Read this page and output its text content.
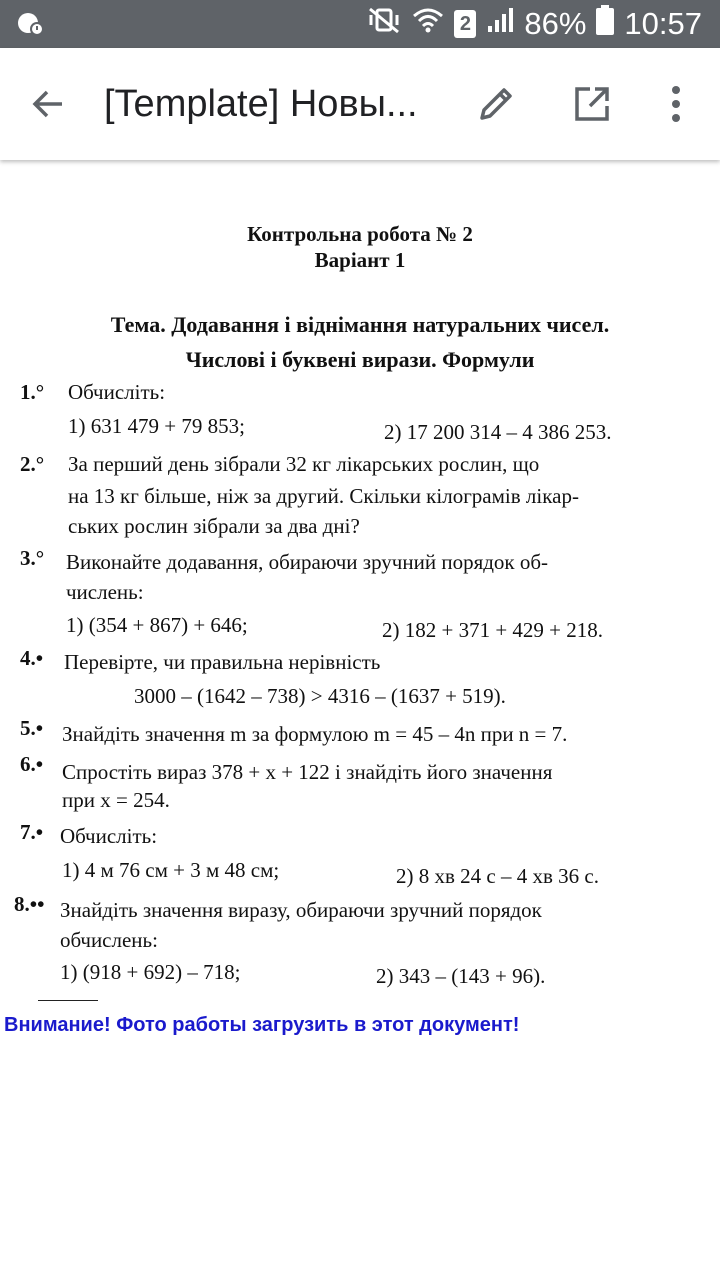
2 86% 10:57
[Template] Новы...
Контрольна робота № 2
Варіант 1
Тема. Додавання і віднімання натуральних чисел.
Числові і буквені вирази. Формули
1.° Обчисліть:
1) 631 479 + 79 853;	2) 17 200 314 – 4 386 253.
2.° За перший день зібрали 32 кг лікарських рослин, що
на 13 кг більше, ніж за другий. Скільки кілограмів лікар-
ських рослин зібрали за два дні?
3.° Виконайте додавання, обираючи зручний порядок об-
числень:
1) (354 + 867) + 646;	2) 182 + 371 + 429 + 218.
4.• Перевірте, чи правильна нерівність
3000 – (1642 – 738) > 4316 – (1637 + 519).
5.• Знайдіть значення m за формулою m = 45 – 4n при n = 7.
6.• Спростіть вираз 378 + x + 122 і знайдіть його значення
при x = 254.
7.• Обчисліть:
1) 4 м 76 см + 3 м 48 см;	2) 8 хв 24 с – 4 хв 36 с.
8.•• Знайдіть значення виразу, обираючи зручний порядок
обчислень:
1) (918 + 692) – 718;	2) 343 – (143 + 96).
Внимание! Фото работы загрузить в этот документ!
